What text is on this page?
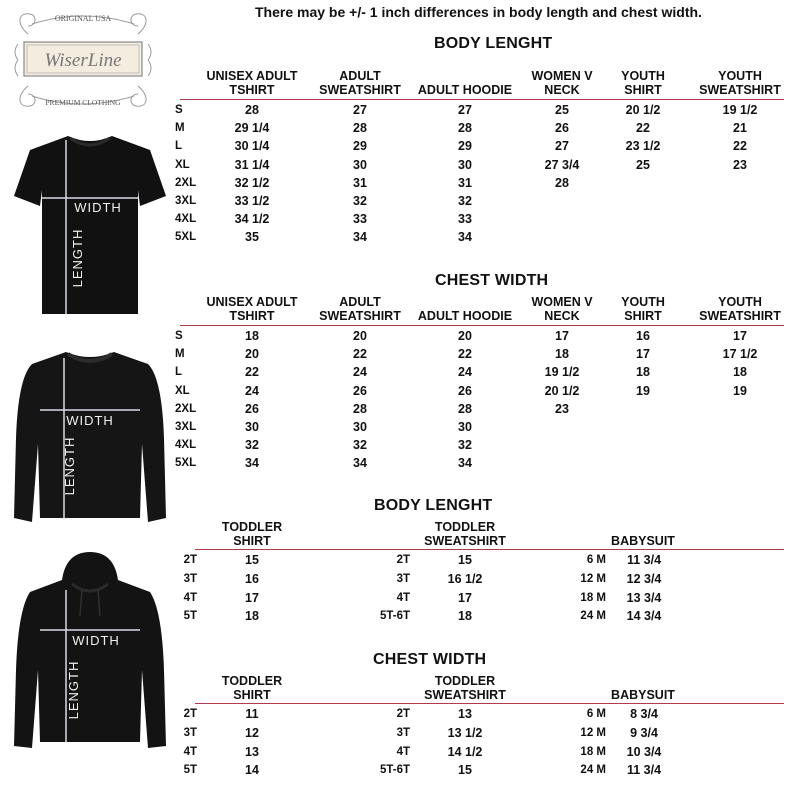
ORIGINAL USA
WiserLine
PREMIUM CLOTHING
There may be +/- 1 inch differences in body length and chest width.
WIDTH
LENGTH
WIDTH
LENGTH
WIDTH
LENGTH
BODY LENGHT
UNISEX ADULT
TSHIRT
ADULT
SWEATSHIRT ADULT HOODIE
WOMEN V
NECK
YOUTH
SHIRT
YOUTH
SWEATSHIRT
S
M
L
XL
2XL
3XL
4XL
5XL
28
29 1/4
30 1/4
31 1/4
32 1/2
33 1/2
34 1/2
35
27
28
29
30
31
32
33
34
27
28
29
30
31
32
33
34
25
26
27
27 3/4
28
20 1/2
22
23 1/2
25
19 1/2
21
22
23
CHEST WIDTH
UNISEX ADULT
TSHIRT
ADULT
SWEATSHIRT ADULT HOODIE
WOMEN V
NECK
YOUTH
SHIRT
YOUTH
SWEATSHIRT
S
M
L
XL
2XL
3XL
4XL
5XL
18
20
22
24
26
30
32
34
20
22
24
26
28
30
32
34
20
22
24
26
28
30
32
34
17
18
19 1/2
20 1/2
23
16
17
18
19
17
17 1/2
18
19
BODY LENGHT
TODDLER
SHIRT
TODDLER
SWEATSHIRT	BABYSUIT
2T
3T
4T
5T
15
16
17
18
2T
3T
4T
5T-6T
15
16 1/2
17
18
6 M
12 M
18 M
24 M
11 3/4
12 3/4
13 3/4
14 3/4
CHEST WIDTH
TODDLER
SHIRT
TODDLER
SWEATSHIRT	BABYSUIT
2T
3T
4T
5T
11
12
13
14
2T
3T
4T
5T-6T
13
13 1/2
14 1/2
15
6 M
12 M
18 M
24 M
8 3/4
9 3/4
10 3/4
11 3/4
